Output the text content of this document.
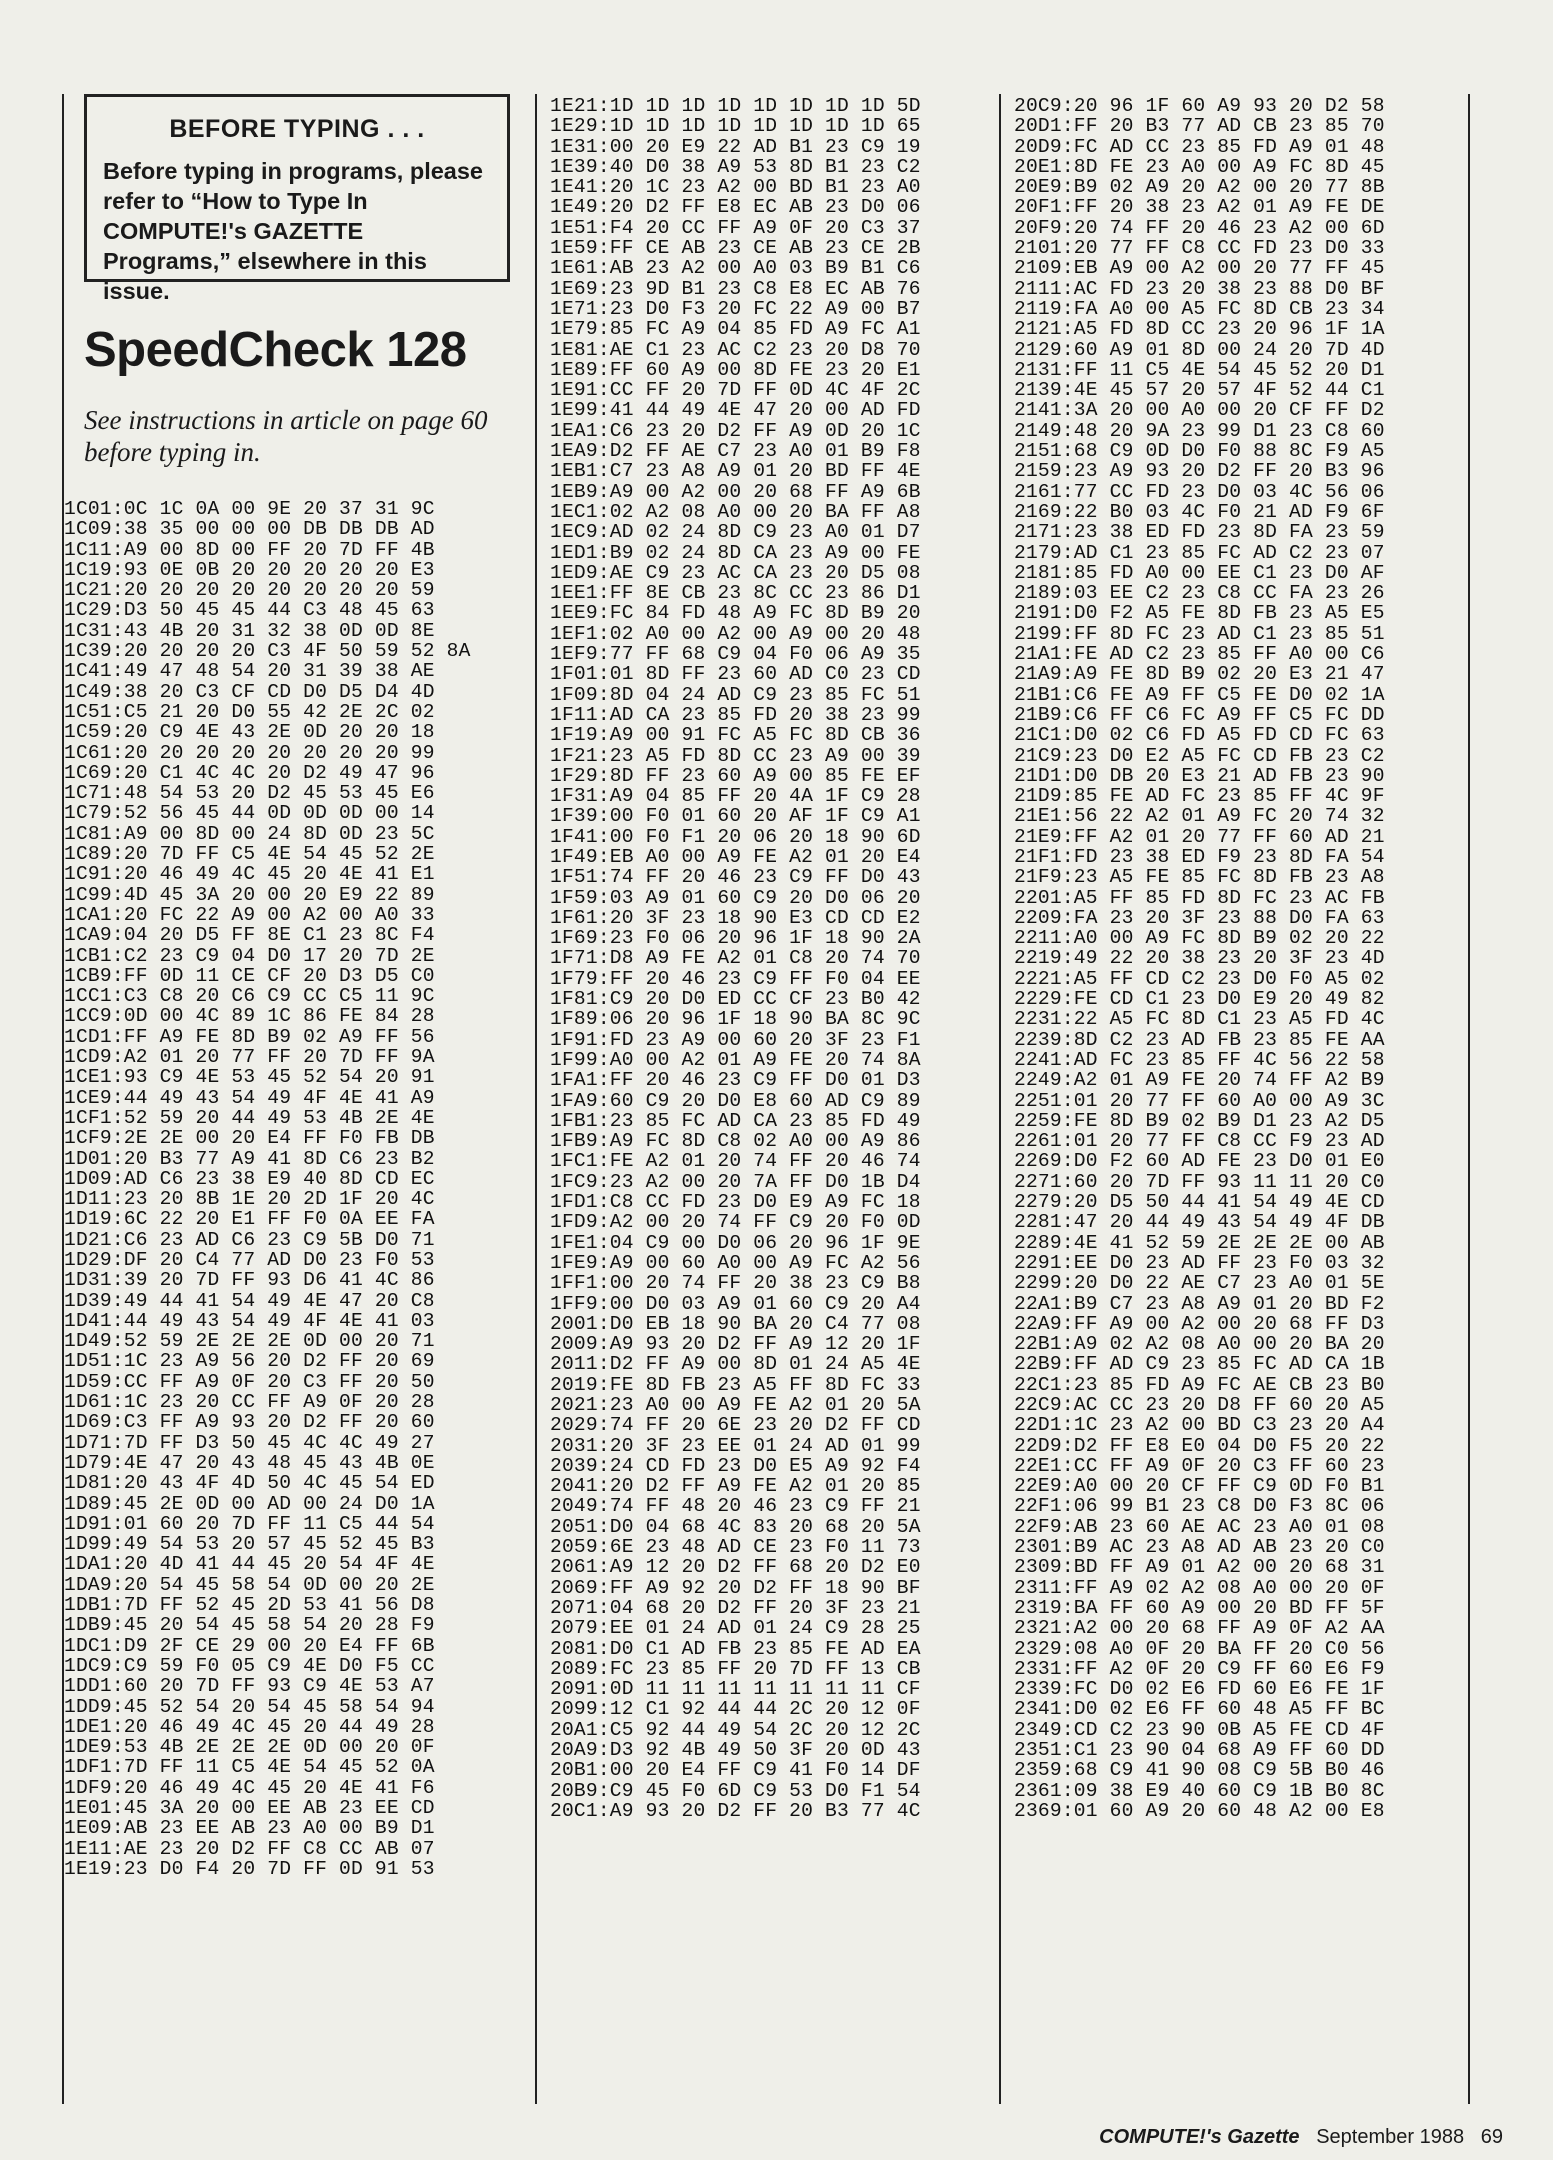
BEFORE TYPING . . .

Before typing in programs, please refer to “How to Type In COMPUTE!'s GAZETTE Programs,” elsewhere in this issue.

SpeedCheck 128

See instructions in article on page 60 before typing in.

1C01:0C 1C 0A 00 9E 20 37 31 9C
1C09:38 35 00 00 00 DB DB DB AD
1C11:A9 00 8D 00 FF 20 7D FF 4B
1C19:93 0E 0B 20 20 20 20 20 E3
1C21:20 20 20 20 20 20 20 20 59
1C29:D3 50 45 45 44 C3 48 45 63
1C31:43 4B 20 31 32 38 0D 0D 8E
1C39:20 20 20 20 C3 4F 50 59 52 8A
1C41:49 47 48 54 20 31 39 38 AE
1C49:38 20 C3 CF CD D0 D5 D4 4D
1C51:C5 21 20 D0 55 42 2E 2C 02
1C59:20 C9 4E 43 2E 0D 20 20 18
1C61:20 20 20 20 20 20 20 20 99
1C69:20 C1 4C 4C 20 D2 49 47 96
1C71:48 54 53 20 D2 45 53 45 E6
1C79:52 56 45 44 0D 0D 0D 00 14
1C81:A9 00 8D 00 24 8D 0D 23 5C
1C89:20 7D FF C5 4E 54 45 52 2E
1C91:20 46 49 4C 45 20 4E 41 E1
1C99:4D 45 3A 20 00 20 E9 22 89
1CA1:20 FC 22 A9 00 A2 00 A0 33
1CA9:04 20 D5 FF 8E C1 23 8C F4
1CB1:C2 23 C9 04 D0 17 20 7D 2E
1CB9:FF 0D 11 CE CF 20 D3 D5 C0
1CC1:C3 C8 20 C6 C9 CC C5 11 9C
1CC9:0D 00 4C 89 1C 86 FE 84 28
1CD1:FF A9 FE 8D B9 02 A9 FF 56
1CD9:A2 01 20 77 FF 20 7D FF 9A
1CE1:93 C9 4E 53 45 52 54 20 91
1CE9:44 49 43 54 49 4F 4E 41 A9
1CF1:52 59 20 44 49 53 4B 2E 4E
1CF9:2E 2E 00 20 E4 FF F0 FB DB
1D01:20 B3 77 A9 41 8D C6 23 B2
1D09:AD C6 23 38 E9 40 8D CD EC
1D11:23 20 8B 1E 20 2D 1F 20 4C
1D19:6C 22 20 E1 FF F0 0A EE FA
1D21:C6 23 AD C6 23 C9 5B D0 71
1D29:DF 20 C4 77 AD D0 23 F0 53
1D31:39 20 7D FF 93 D6 41 4C 86
1D39:49 44 41 54 49 4E 47 20 C8
1D41:44 49 43 54 49 4F 4E 41 03
1D49:52 59 2E 2E 2E 0D 00 20 71
1D51:1C 23 A9 56 20 D2 FF 20 69
1D59:CC FF A9 0F 20 C3 FF 20 50
1D61:1C 23 20 CC FF A9 0F 20 28
1D69:C3 FF A9 93 20 D2 FF 20 60
1D71:7D FF D3 50 45 4C 4C 49 27
1D79:4E 47 20 43 48 45 43 4B 0E
1D81:20 43 4F 4D 50 4C 45 54 ED
1D89:45 2E 0D 00 AD 00 24 D0 1A
1D91:01 60 20 7D FF 11 C5 44 54
1D99:49 54 53 20 57 45 52 45 B3
1DA1:20 4D 41 44 45 20 54 4F 4E
1DA9:20 54 45 58 54 0D 00 20 2E
1DB1:7D FF 52 45 2D 53 41 56 D8
1DB9:45 20 54 45 58 54 20 28 F9
1DC1:D9 2F CE 29 00 20 E4 FF 6B
1DC9:C9 59 F0 05 C9 4E D0 F5 CC
1DD1:60 20 7D FF 93 C9 4E 53 A7
1DD9:45 52 54 20 54 45 58 54 94
1DE1:20 46 49 4C 45 20 44 49 28
1DE9:53 4B 2E 2E 2E 0D 00 20 0F
1DF1:7D FF 11 C5 4E 54 45 52 0A
1DF9:20 46 49 4C 45 20 4E 41 F6
1E01:45 3A 20 00 EE AB 23 EE CD
1E09:AB 23 EE AB 23 A0 00 B9 D1
1E11:AE 23 20 D2 FF C8 CC AB 07
1E19:23 D0 F4 20 7D FF 0D 91 53
1E21:1D 1D 1D 1D 1D 1D 1D 1D 5D
1E29:1D 1D 1D 1D 1D 1D 1D 1D 65
1E31:00 20 E9 22 AD B1 23 C9 19
1E39:40 D0 38 A9 53 8D B1 23 C2
1E41:20 1C 23 A2 00 BD B1 23 A0
1E49:20 D2 FF E8 EC AB 23 D0 06
1E51:F4 20 CC FF A9 0F 20 C3 37
1E59:FF CE AB 23 CE AB 23 CE 2B
1E61:AB 23 A2 00 A0 03 B9 B1 C6
1E69:23 9D B1 23 C8 E8 EC AB 76
1E71:23 D0 F3 20 FC 22 A9 00 B7
1E79:85 FC A9 04 85 FD A9 FC A1
1E81:AE C1 23 AC C2 23 20 D8 70
1E89:FF 60 A9 00 8D FE 23 20 E1
1E91:CC FF 20 7D FF 0D 4C 4F 2C
1E99:41 44 49 4E 47 20 00 AD FD
1EA1:C6 23 20 D2 FF A9 0D 20 1C
1EA9:D2 FF AE C7 23 A0 01 B9 F8
1EB1:C7 23 A8 A9 01 20 BD FF 4E
1EB9:A9 00 A2 00 20 68 FF A9 6B
1EC1:02 A2 08 A0 00 20 BA FF A8
1EC9:AD 02 24 8D C9 23 A0 01 D7
1ED1:B9 02 24 8D CA 23 A9 00 FE
1ED9:AE C9 23 AC CA 23 20 D5 08
1EE1:FF 8E CB 23 8C CC 23 86 D1
1EE9:FC 84 FD 48 A9 FC 8D B9 20
1EF1:02 A0 00 A2 00 A9 00 20 48
1EF9:77 FF 68 C9 04 F0 06 A9 35
1F01:01 8D FF 23 60 AD C0 23 CD
1F09:8D 04 24 AD C9 23 85 FC 51
1F11:AD CA 23 85 FD 20 38 23 99
1F19:A9 00 91 FC A5 FC 8D CB 36
1F21:23 A5 FD 8D CC 23 A9 00 39
1F29:8D FF 23 60 A9 00 85 FE EF
1F31:A9 04 85 FF 20 4A 1F C9 28
1F39:00 F0 01 60 20 AF 1F C9 A1
1F41:00 F0 F1 20 06 20 18 90 6D
1F49:EB A0 00 A9 FE A2 01 20 E4
1F51:74 FF 20 46 23 C9 FF D0 43
1F59:03 A9 01 60 C9 20 D0 06 20
1F61:20 3F 23 18 90 E3 CD CD E2
1F69:23 F0 06 20 96 1F 18 90 2A
1F71:D8 A9 FE A2 01 C8 20 74 70
1F79:FF 20 46 23 C9 FF F0 04 EE
1F81:C9 20 D0 ED CC CF 23 B0 42
1F89:06 20 96 1F 18 90 BA 8C 9C
1F91:FD 23 A9 00 60 20 3F 23 F1
1F99:A0 00 A2 01 A9 FE 20 74 8A
1FA1:FF 20 46 23 C9 FF D0 01 D3
1FA9:60 C9 20 D0 E8 60 AD C9 89
1FB1:23 85 FC AD CA 23 85 FD 49
1FB9:A9 FC 8D C8 02 A0 00 A9 86
1FC1:FE A2 01 20 74 FF 20 46 74
1FC9:23 A2 00 20 7A FF D0 1B D4
1FD1:C8 CC FD 23 D0 E9 A9 FC 18
1FD9:A2 00 20 74 FF C9 20 F0 0D
1FE1:04 C9 00 D0 06 20 96 1F 9E
1FE9:A9 00 60 A0 00 A9 FC A2 56
1FF1:00 20 74 FF 20 38 23 C9 B8
1FF9:00 D0 03 A9 01 60 C9 20 A4
2001:D0 EB 18 90 BA 20 C4 77 08
2009:A9 93 20 D2 FF A9 12 20 1F
2011:D2 FF A9 00 8D 01 24 A5 4E
2019:FE 8D FB 23 A5 FF 8D FC 33
2021:23 A0 00 A9 FE A2 01 20 5A
2029:74 FF 20 6E 23 20 D2 FF CD
2031:20 3F 23 EE 01 24 AD 01 99
2039:24 CD FD 23 D0 E5 A9 92 F4
2041:20 D2 FF A9 FE A2 01 20 85
2049:74 FF 48 20 46 23 C9 FF 21
2051:D0 04 68 4C 83 20 68 20 5A
2059:6E 23 48 AD CE 23 F0 11 73
2061:A9 12 20 D2 FF 68 20 D2 E0
2069:FF A9 92 20 D2 FF 18 90 BF
2071:04 68 20 D2 FF 20 3F 23 21
2079:EE 01 24 AD 01 24 C9 28 25
2081:D0 C1 AD FB 23 85 FE AD EA
2089:FC 23 85 FF 20 7D FF 13 CB
2091:0D 11 11 11 11 11 11 11 CF
2099:12 C1 92 44 44 2C 20 12 0F
20A1:C5 92 44 49 54 2C 20 12 2C
20A9:D3 92 4B 49 50 3F 20 0D 43
20B1:00 20 E4 FF C9 41 F0 14 DF
20B9:C9 45 F0 6D C9 53 D0 F1 54
20C1:A9 93 20 D2 FF 20 B3 77 4C
20C9:20 96 1F 60 A9 93 20 D2 58
20D1:FF 20 B3 77 AD CB 23 85 70
20D9:FC AD CC 23 85 FD A9 01 48
20E1:8D FE 23 A0 00 A9 FC 8D 45
20E9:B9 02 A9 20 A2 00 20 77 8B
20F1:FF 20 38 23 A2 01 A9 FE DE
20F9:20 74 FF 20 46 23 A2 00 6D
2101:20 77 FF C8 CC FD 23 D0 33
2109:EB A9 00 A2 00 20 77 FF 45
2111:AC FD 23 20 38 23 88 D0 BF
2119:FA A0 00 A5 FC 8D CB 23 34
2121:A5 FD 8D CC 23 20 96 1F 1A
2129:60 A9 01 8D 00 24 20 7D 4D
2131:FF 11 C5 4E 54 45 52 20 D1
2139:4E 45 57 20 57 4F 52 44 C1
2141:3A 20 00 A0 00 20 CF FF D2
2149:48 20 9A 23 99 D1 23 C8 60
2151:68 C9 0D D0 F0 88 8C F9 A5
2159:23 A9 93 20 D2 FF 20 B3 96
2161:77 CC FD 23 D0 03 4C 56 06
2169:22 B0 03 4C F0 21 AD F9 6F
2171:23 38 ED FD 23 8D FA 23 59
2179:AD C1 23 85 FC AD C2 23 07
2181:85 FD A0 00 EE C1 23 D0 AF
2189:03 EE C2 23 C8 CC FA 23 26
2191:D0 F2 A5 FE 8D FB 23 A5 E5
2199:FF 8D FC 23 AD C1 23 85 51
21A1:FE AD C2 23 85 FF A0 00 C6
21A9:A9 FE 8D B9 02 20 E3 21 47
21B1:C6 FE A9 FF C5 FE D0 02 1A
21B9:C6 FF C6 FC A9 FF C5 FC DD
21C1:D0 02 C6 FD A5 FD CD FC 63
21C9:23 D0 E2 A5 FC CD FB 23 C2
21D1:D0 DB 20 E3 21 AD FB 23 90
21D9:85 FE AD FC 23 85 FF 4C 9F
21E1:56 22 A2 01 A9 FC 20 74 32
21E9:FF A2 01 20 77 FF 60 AD 21
21F1:FD 23 38 ED F9 23 8D FA 54
21F9:23 A5 FE 85 FC 8D FB 23 A8
2201:A5 FF 85 FD 8D FC 23 AC FB
2209:FA 23 20 3F 23 88 D0 FA 63
2211:A0 00 A9 FC 8D B9 02 20 22
2219:49 22 20 38 23 20 3F 23 4D
2221:A5 FF CD C2 23 D0 F0 A5 02
2229:FE CD C1 23 D0 E9 20 49 82
2231:22 A5 FC 8D C1 23 A5 FD 4C
2239:8D C2 23 AD FB 23 85 FE AA
2241:AD FC 23 85 FF 4C 56 22 58
2249:A2 01 A9 FE 20 74 FF A2 B9
2251:01 20 77 FF 60 A0 00 A9 3C
2259:FE 8D B9 02 B9 D1 23 A2 D5
2261:01 20 77 FF C8 CC F9 23 AD
2269:D0 F2 60 AD FE 23 D0 01 E0
2271:60 20 7D FF 93 11 11 20 C0
2279:20 D5 50 44 41 54 49 4E CD
2281:47 20 44 49 43 54 49 4F DB
2289:4E 41 52 59 2E 2E 2E 00 AB
2291:EE D0 23 AD FF 23 F0 03 32
2299:20 D0 22 AE C7 23 A0 01 5E
22A1:B9 C7 23 A8 A9 01 20 BD F2
22A9:FF A9 00 A2 00 20 68 FF D3
22B1:A9 02 A2 08 A0 00 20 BA 20
22B9:FF AD C9 23 85 FC AD CA 1B
22C1:23 85 FD A9 FC AE CB 23 B0
22C9:AC CC 23 20 D8 FF 60 20 A5
22D1:1C 23 A2 00 BD C3 23 20 A4
22D9:D2 FF E8 E0 04 D0 F5 20 22
22E1:CC FF A9 0F 20 C3 FF 60 23
22E9:A0 00 20 CF FF C9 0D F0 B1
22F1:06 99 B1 23 C8 D0 F3 8C 06
22F9:AB 23 60 AE AC 23 A0 01 08
2301:B9 AC 23 A8 AD AB 23 20 C0
2309:BD FF A9 01 A2 00 20 68 31
2311:FF A9 02 A2 08 A0 00 20 0F
2319:BA FF 60 A9 00 20 BD FF 5F
2321:A2 00 20 68 FF A9 0F A2 AA
2329:08 A0 0F 20 BA FF 20 C0 56
2331:FF A2 0F 20 C9 FF 60 E6 F9
2339:FC D0 02 E6 FD 60 E6 FE 1F
2341:D0 02 E6 FF 60 48 A5 FF BC
2349:CD C2 23 90 0B A5 FE CD 4F
2351:C1 23 90 04 68 A9 FF 60 DD
2359:68 C9 41 90 08 C9 5B B0 46
2361:09 38 E9 40 60 C9 1B B0 8C
2369:01 60 A9 20 60 48 A2 00 E8
COMPUTE!'s Gazette September 1988 69
